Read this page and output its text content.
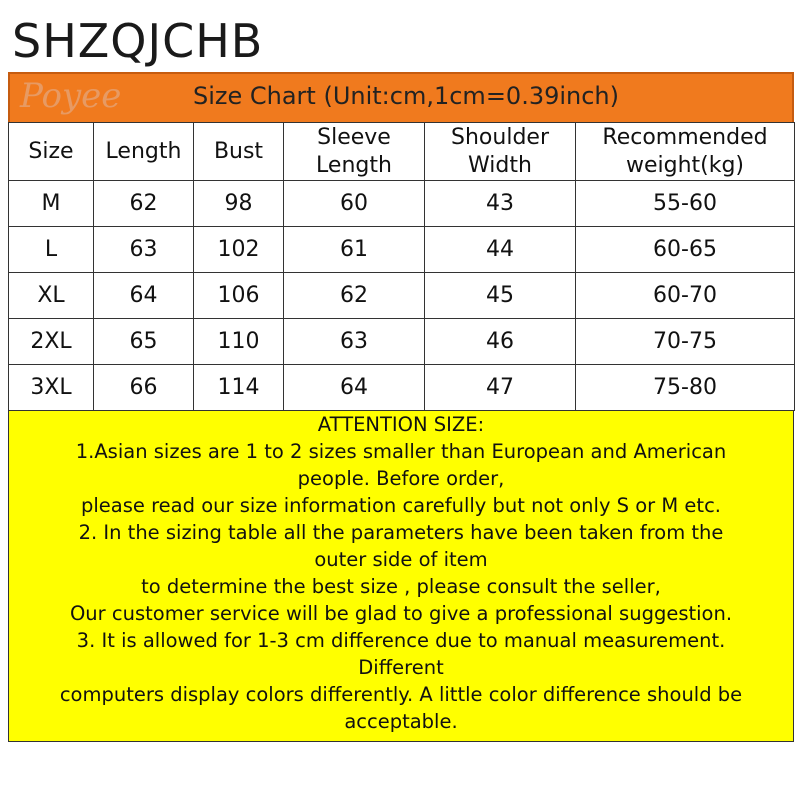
SHZQJCHB
Poyee	Size Chart (Unit:cm,1cm=0.39inch)
Size	Length	Bust	Sleeve Length	Shoulder Width	Recommended weight(kg)
M	62	98	60	43	55-60
L	63	102	61	44	60-65
XL	64	106	62	45	60-70
2XL	65	110	63	46	70-75
3XL	66	114	64	47	75-80
ATTENTION SIZE:
1.Asian sizes are 1 to 2 sizes smaller than European and American
people. Before order,
please read our size information carefully but not only S or M etc.
2. In the sizing table all the parameters have been taken from the
outer side of item
to determine the best size , please consult the seller,
Our customer service will be glad to give a professional suggestion.
3. It is allowed for 1-3 cm difference due to manual measurement.
Different
computers display colors differently. A little color difference should be
acceptable.
